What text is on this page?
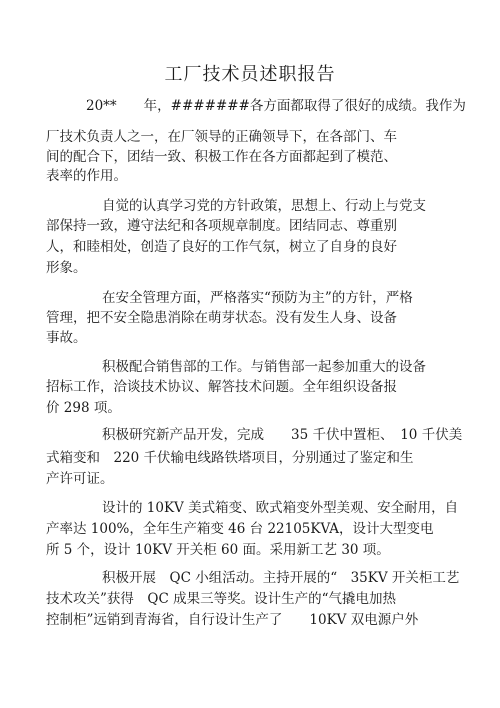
工厂技术员述职报告
20**　　年，#######各方面都取得了很好的成绩。我作为
厂技术负责人之一，在厂领导的正确领导下，在各部门、车
间的配合下，团结一致、积极工作在各方面都起到了模范、
表率的作用。
自觉的认真学习党的方针政策，思想上、行动上与党支
部保持一致，遵守法纪和各项规章制度。团结同志、尊重别
人，和睦相处，创造了良好的工作气氛，树立了自身的良好
形象。
在安全管理方面，严格落实“预防为主”的方针，严格
管理，把不安全隐患消除在萌芽状态。没有发生人身、设备
事故。
积极配合销售部的工作。与销售部一起参加重大的设备
招标工作，洽谈技术协议、解答技术问题。全年组织设备报
价 298 项。
积极研究新产品开发，完成　　35 千伏中置柜、　10 千伏美
式箱变和　220 千伏输电线路铁塔项目，分别通过了鉴定和生
产许可证。
设计的 10KV 美式箱变、欧式箱变外型美观、安全耐用，自
产率达 100%，全年生产箱变 46 台 22105KVA，设计大型变电
所 5 个，设计 10KV 开关柜 60 面。采用新工艺 30 项。
积极开展　QC 小组活动。主持开展的“　35KV 开关柜工艺
技术攻关”获得　QC 成果三等奖。设计生产的“气撬电加热
控制柜”远销到青海省，自行设计生产了　　10KV 双电源户外
